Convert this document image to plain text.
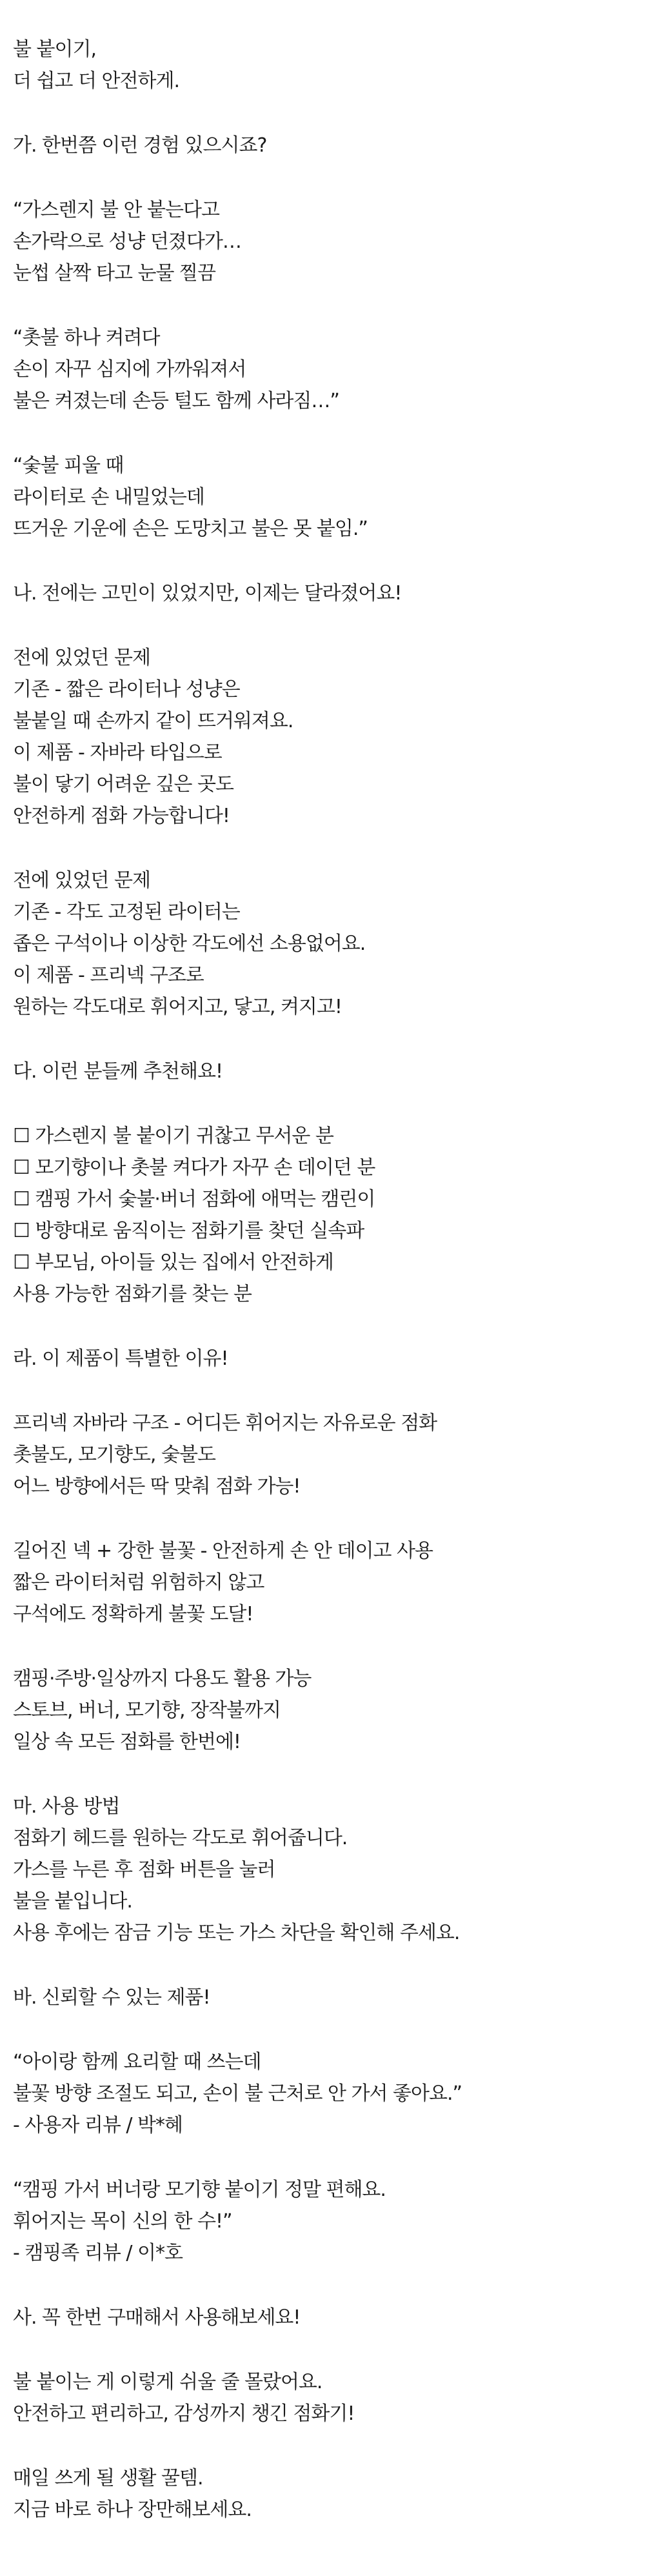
불 붙이기,
더 쉽고 더 안전하게.
가. 한번쯤 이런 경험 있으시죠?
“가스렌지 불 안 붙는다고
손가락으로 성냥 던졌다가…
눈썹 살짝 타고 눈물 찔끔
“촛불 하나 켜려다
손이 자꾸 심지에 가까워져서
불은 켜졌는데 손등 털도 함께 사라짐…”
“숯불 피울 때
라이터로 손 내밀었는데
뜨거운 기운에 손은 도망치고 불은 못 붙임.”
나. 전에는 고민이 있었지만, 이제는 달라졌어요!
전에 있었던 문제
기존 - 짧은 라이터나 성냥은
불붙일 때 손까지 같이 뜨거워져요.
이 제품 - 자바라 타입으로
불이 닿기 어려운 깊은 곳도
안전하게 점화 가능합니다!
전에 있었던 문제
기존 - 각도 고정된 라이터는
좁은 구석이나 이상한 각도에선 소용없어요.
이 제품 - 프리넥 구조로
원하는 각도대로 휘어지고, 닿고, 켜지고!
다. 이런 분들께 추천해요!
☐ 가스렌지 불 붙이기 귀찮고 무서운 분
☐ 모기향이나 촛불 켜다가 자꾸 손 데이던 분
☐ 캠핑 가서 숯불·버너 점화에 애먹는 캠린이
☐ 방향대로 움직이는 점화기를 찾던 실속파
☐ 부모님, 아이들 있는 집에서 안전하게
사용 가능한 점화기를 찾는 분
라. 이 제품이 특별한 이유!
프리넥 자바라 구조 - 어디든 휘어지는 자유로운 점화
촛불도, 모기향도, 숯불도
어느 방향에서든 딱 맞춰 점화 가능!
길어진 넥 + 강한 불꽃 - 안전하게 손 안 데이고 사용
짧은 라이터처럼 위험하지 않고
구석에도 정확하게 불꽃 도달!
캠핑·주방·일상까지 다용도 활용 가능
스토브, 버너, 모기향, 장작불까지
일상 속 모든 점화를 한번에!
마. 사용 방법
점화기 헤드를 원하는 각도로 휘어줍니다.
가스를 누른 후 점화 버튼을 눌러
불을 붙입니다.
사용 후에는 잠금 기능 또는 가스 차단을 확인해 주세요.
바. 신뢰할 수 있는 제품!
“아이랑 함께 요리할 때 쓰는데
불꽃 방향 조절도 되고, 손이 불 근처로 안 가서 좋아요.”
- 사용자 리뷰 / 박*혜
“캠핑 가서 버너랑 모기향 붙이기 정말 편해요.
휘어지는 목이 신의 한 수!”
- 캠핑족 리뷰 / 이*호
사. 꼭 한번 구매해서 사용해보세요!
불 붙이는 게 이렇게 쉬울 줄 몰랐어요.
안전하고 편리하고, 감성까지 챙긴 점화기!
매일 쓰게 될 생활 꿀템.
지금 바로 하나 장만해보세요.
